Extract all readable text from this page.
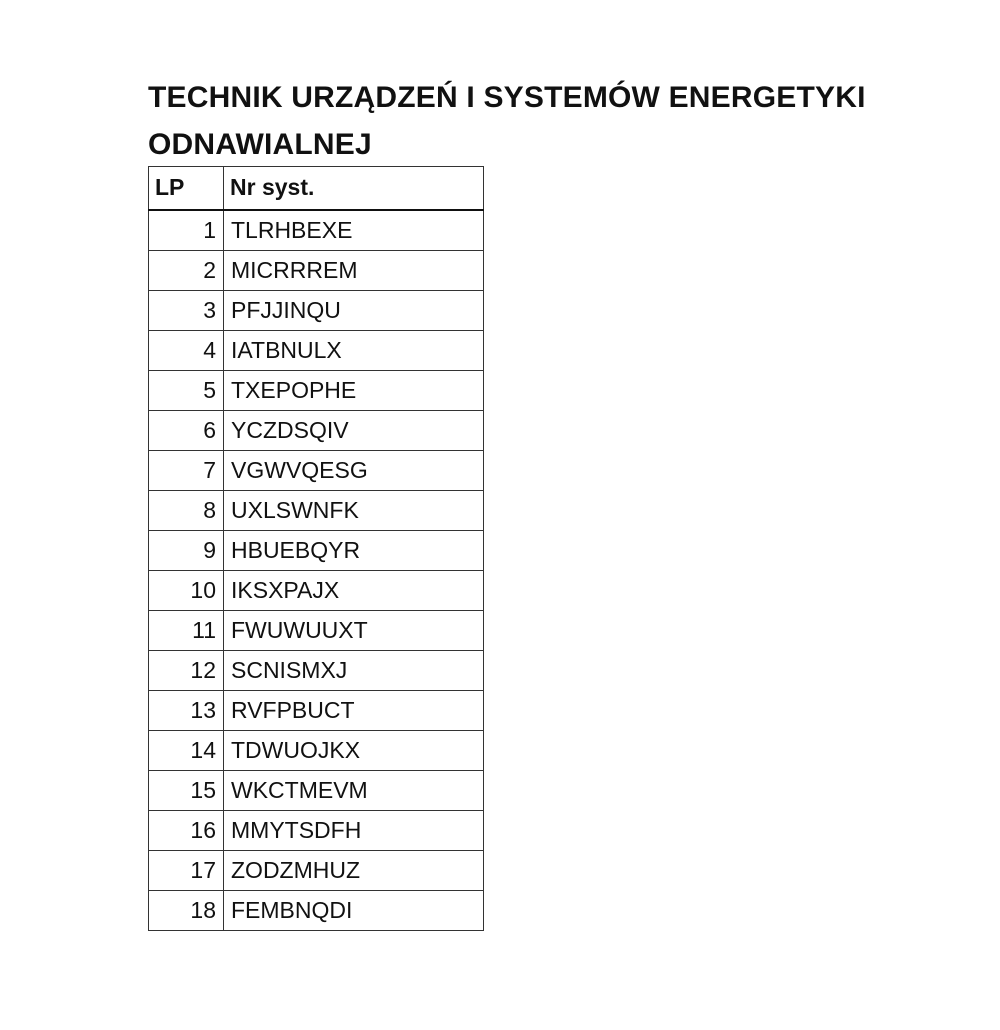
TECHNIK URZĄDZEŃ I SYSTEMÓW ENERGETYKI
ODNAWIALNEJ
LP	Nr syst.
1	TLRHBEXE
2	MICRRREM
3	PFJJINQU
4	IATBNULX
5	TXEPOPHE
6	YCZDSQIV
7	VGWVQESG
8	UXLSWNFK
9	HBUEBQYR
10	IKSXPAJX
11	FWUWUUXT
12	SCNISMXJ
13	RVFPBUCT
14	TDWUOJKX
15	WKCTMEVM
16	MMYTSDFH
17	ZODZMHUZ
18	FEMBNQDI
